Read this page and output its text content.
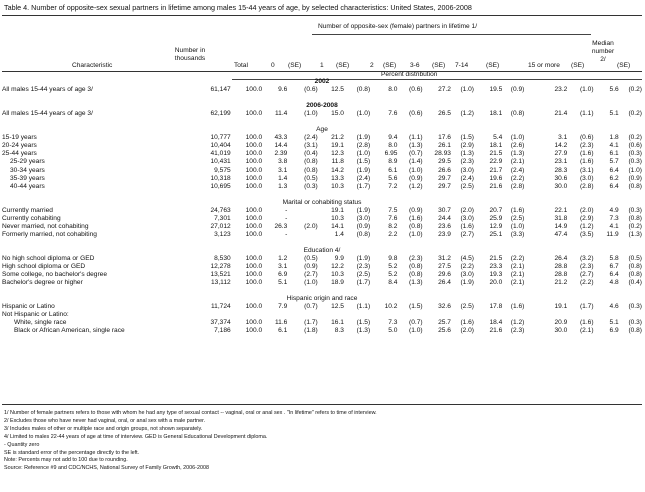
Table 4. Number of opposite-sex sexual partners in lifetime among males 15-44 years of age, by selected characteristics: United States, 2006-2008
Number of opposite-sex (female) partners in lifetime 1/
Number in
thousands
Median
number
2/
Characteristic	Total	0 (SE)	1 (SE)	2 (SE) 3-6 (SE) 7-14	(SE)	15 or more (SE)	(SE)
Percent distribution
2002																
All males 15-44 years of age 3/	61,147	100.0	9.6	(0.6)	12.5	(0.8)	8.0	(0.6)	27.2	(1.0)	19.5	(0.9)	23.2	(1.0)	5.6	(0.2)

2006-2008																
All males 15-44 years of age 3/	62,199	100.0	11.4	(1.0)	15.0	(1.0)	7.6	(0.6)	26.5	(1.2)	18.1	(0.8)	21.4	(1.1)	5.1	(0.2)

Age																
15-19 years	10,777	100.0	43.3	(2.4)	21.2	(1.9)	9.4	(1.1)	17.6	(1.5)	5.4	(1.0)	3.1	(0.6)	1.8	(0.2)
20-24 years	10,404	100.0	14.4	(3.1)	19.1	(2.8)	8.0	(1.3)	26.1	(2.9)	18.1	(2.6)	14.2	(2.3)	4.1	(0.6)
25-44 years	41,019	100.0	2.39	(0.4)	12.3	(1.0)	6.95	(0.7)	28.93	(1.3)	21.5	(1.3)	27.9	(1.6)	6.1	(0.3)
25-29 years	10,431	100.0	3.8	(0.8)	11.8	(1.5)	8.9	(1.4)	29.5	(2.3)	22.9	(2.1)	23.1	(1.6)	5.7	(0.3)
30-34 years	9,575	100.0	3.1	(0.8)	14.2	(1.9)	6.1	(1.0)	26.6	(3.0)	21.7	(2.4)	28.3	(3.1)	6.4	(1.0)
35-39 years	10,318	100.0	1.4	(0.5)	13.3	(2.4)	5.6	(0.9)	29.7	(2.4)	19.6	(2.2)	30.6	(3.0)	6.2	(0.9)
40-44 years	10,695	100.0	1.3	(0.3)	10.3	(1.7)	7.2	(1.2)	29.7	(2.5)	21.6	(2.8)	30.0	(2.8)	6.4	(0.8)

Marital or cohabiting status																
Currently married	24,763	100.0	-		19.1	(1.9)	7.5	(0.9)	30.7	(2.0)	20.7	(1.6)	22.1	(2.0)	4.9	(0.3)
Currently cohabiting	7,301	100.0	-		10.3	(3.0)	7.6	(1.6)	24.4	(3.0)	25.9	(2.5)	31.8	(2.9)	7.3	(0.8)
Never married, not cohabiting	27,012	100.0	26.3	(2.0)	14.1	(0.9)	8.2	(0.8)	23.6	(1.6)	12.9	(1.0)	14.9	(1.2)	4.1	(0.2)
Formerly married, not cohabiting	3,123	100.0	-		1.4	(0.8)	2.2	(1.0)	23.9	(2.7)	25.1	(3.3)	47.4	(3.5)	11.9	(1.3)

Education 4/																
No high school diploma or GED	8,530	100.0	1.2	(0.5)	9.9	(1.9)	9.8	(2.3)	31.2	(4.5)	21.5	(2.2)	26.4	(3.2)	5.8	(0.5)
High school diploma or GED	12,278	100.0	3.1	(0.9)	12.2	(2.3)	5.2	(0.8)	27.5	(2.2)	23.3	(2.1)	28.8	(2.3)	6.7	(0.8)
Some college, no bachelor's degree	13,521	100.0	6.9	(2.7)	10.3	(2.5)	5.2	(0.8)	29.6	(3.0)	19.3	(2.1)	28.8	(2.7)	6.4	(0.8)
Bachelor's degree or higher	13,112	100.0	5.1	(1.0)	18.9	(1.7)	8.4	(1.3)	26.4	(1.9)	20.0	(2.1)	21.2	(2.2)	4.8	(0.4)

Hispanic origin and race																
Hispanic or Latino	11,724	100.0	7.9	(0.7)	12.5	(1.1)	10.2	(1.5)	32.6	(2.5)	17.8	(1.6)	19.1	(1.7)	4.6	(0.3)
Not Hispanic or Latino:																
White, single race	37,374	100.0	11.6	(1.7)	16.1	(1.5)	7.3	(0.7)	25.7	(1.6)	18.4	(1.2)	20.9	(1.6)	5.1	(0.3)
Black or African American, single race	7,186	100.0	6.1	(1.8)	8.3	(1.3)	5.0	(1.0)	25.6	(2.0)	21.6	(2.3)	30.0	(2.1)	6.9	(0.8)
1/ Number of female partners refers to those with whom he had any type of sexual contact -- vaginal, oral or anal sex . "In lifetime" refers to time of interview.
2/ Excludes those who have never had vaginal, oral, or anal sex with a male partner.
3/ Includes males of other or multiple race and origin groups, not shown separately.
4/ Limited to males 22-44 years of age at time of interview. GED is General Educational Development diploma.
- Quantity zero
SE is standard error of the percentage directly to the left.
Note: Percents may not add to 100 due to rounding.
Source: Reference #9 and CDC/NCHS, National Survey of Family Growth, 2006-2008
